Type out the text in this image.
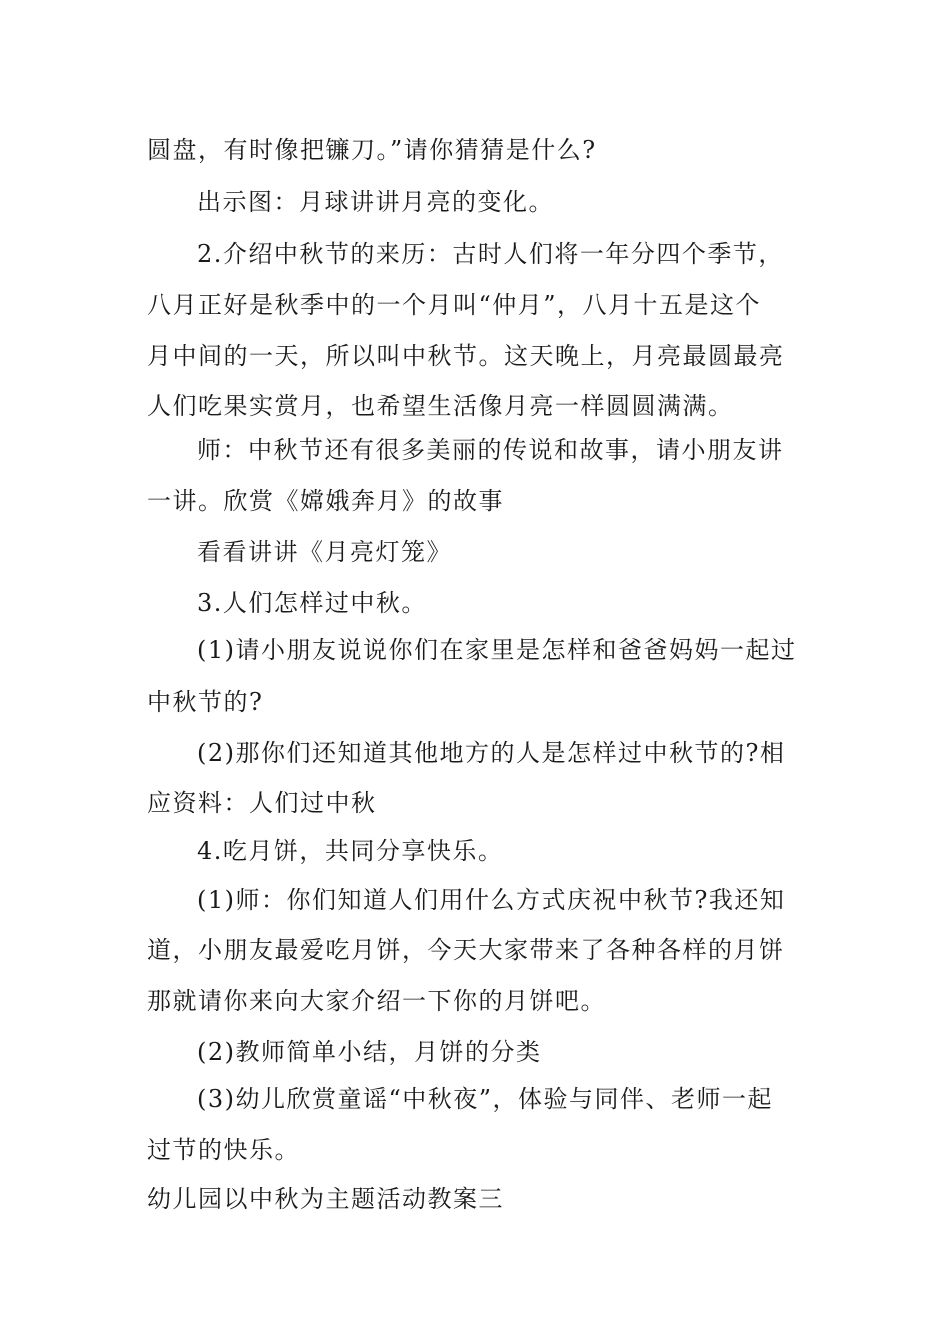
圆盘，有时像把镰刀。”请你猜猜是什么?
出示图：月球讲讲月亮的变化。
2.介绍中秋节的来历：古时人们将一年分四个季节，
八月正好是秋季中的一个月叫“仲月”，八月十五是这个
月中间的一天，所以叫中秋节。这天晚上，月亮最圆最亮
人们吃果实赏月，也希望生活像月亮一样圆圆满满。
师：中秋节还有很多美丽的传说和故事，请小朋友讲
一讲。欣赏《嫦娥奔月》的故事
看看讲讲《月亮灯笼》
3.人们怎样过中秋。
(1)请小朋友说说你们在家里是怎样和爸爸妈妈一起过
中秋节的?
(2)那你们还知道其他地方的人是怎样过中秋节的?相
应资料：人们过中秋
4.吃月饼，共同分享快乐。
(1)师：你们知道人们用什么方式庆祝中秋节?我还知
道，小朋友最爱吃月饼，今天大家带来了各种各样的月饼
那就请你来向大家介绍一下你的月饼吧。
(2)教师简单小结，月饼的分类
(3)幼儿欣赏童谣“中秋夜”，体验与同伴、老师一起
过节的快乐。
幼儿园以中秋为主题活动教案三
